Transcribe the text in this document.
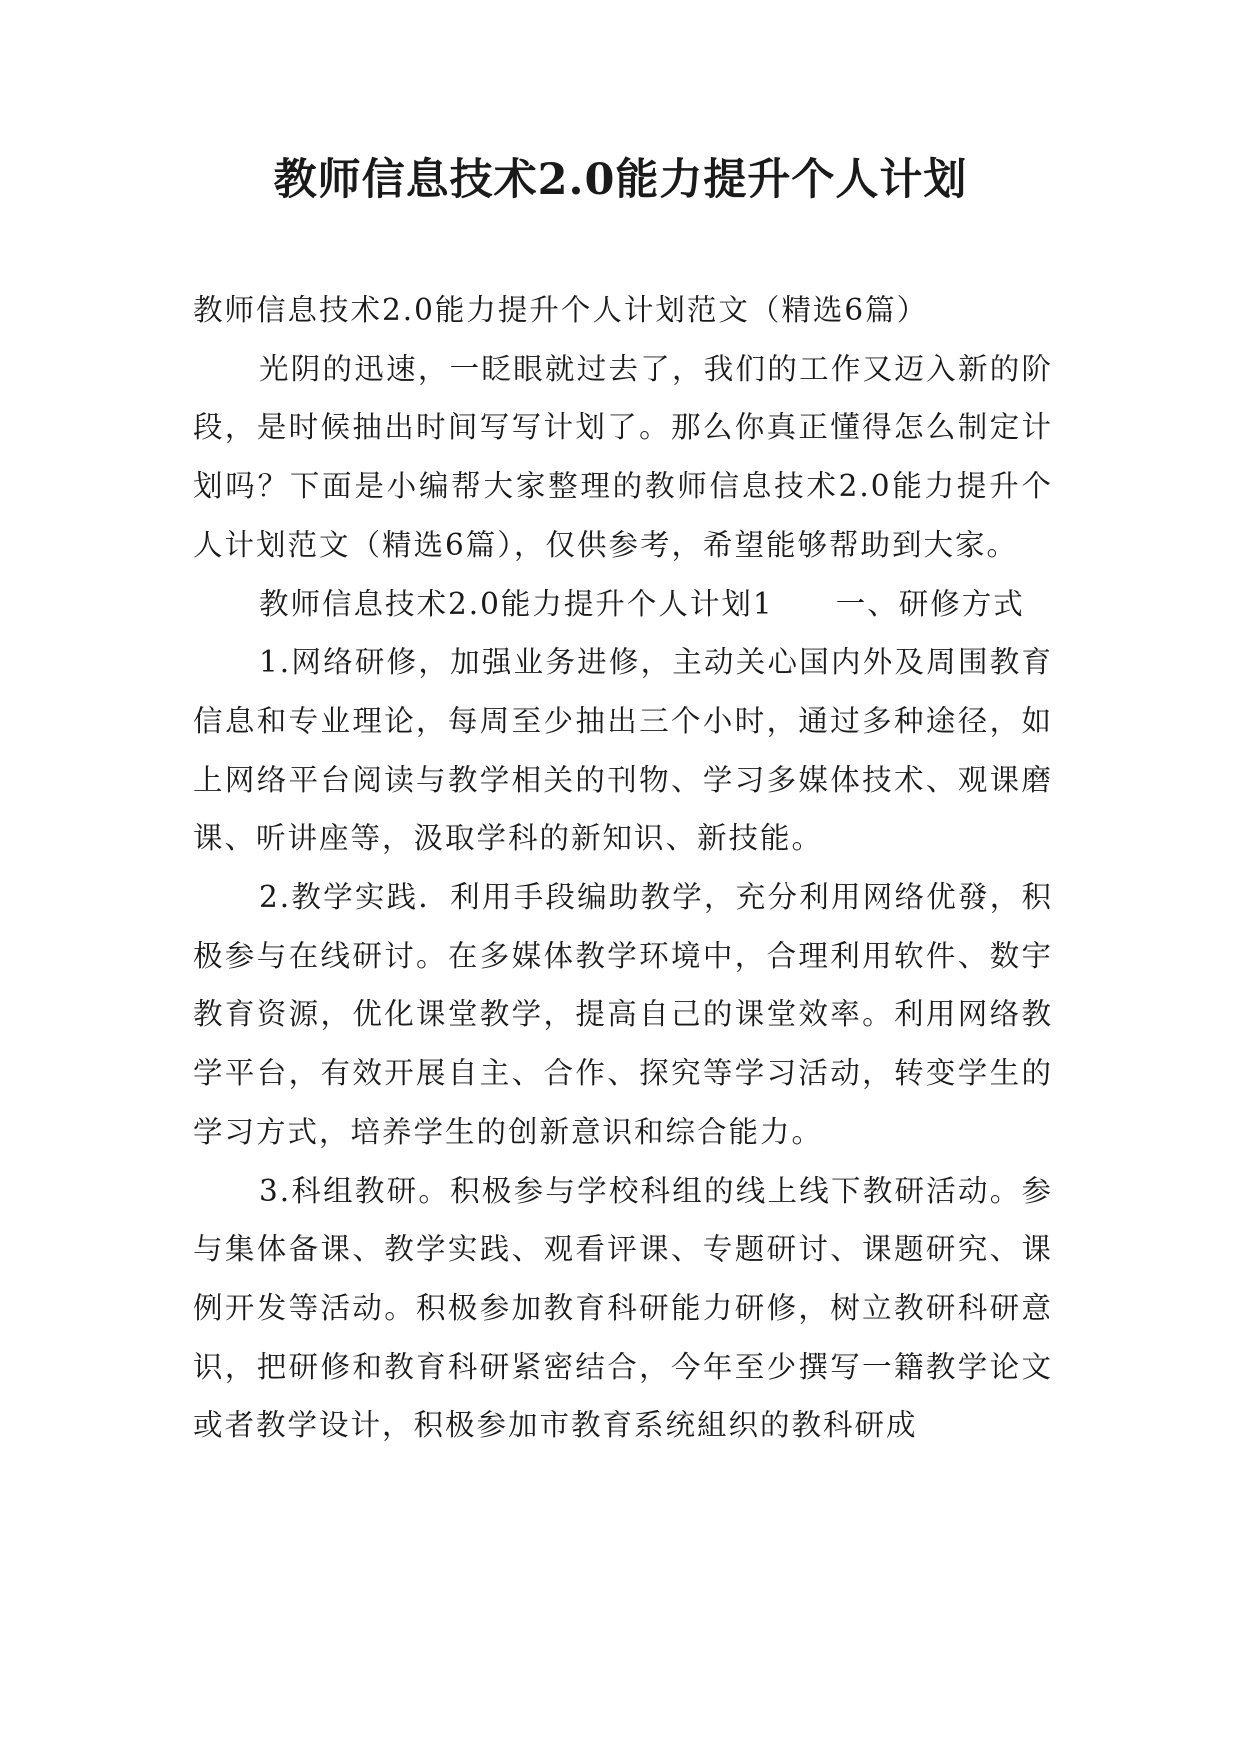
教师信息技术2.0能力提升个人计划

教师信息技术2.0能力提升个人计划范文（精选6篇）

光阴的迅速，一眨眼就过去了，我们的工作又迈入新的阶段，是时候抽出时间写写计划了。那么你真正懂得怎么制定计划吗？下面是小编帮大家整理的教师信息技术2.0能力提升个人计划范文（精选6篇），仅供参考，希望能够帮助到大家。

教师信息技术2.0能力提升个人计划1 一、研修方式

1.网络研修，加强业务进修，主动关心国内外及周围教育信息和专业理论，每周至少抽出三个小时，通过多种途径，如上网络平台阅读与教学相关的刊物、学习多媒体技术、观课磨课、听讲座等，汲取学科的新知识、新技能。

2.教学实践．利用手段编助教学，充分利用网络优發，积极参与在线研讨。在多媒体教学环境中，合理利用软件、数宇教育资源，优化课堂教学，提高自己的课堂效率。利用网络教学平台，有效开展自主、合作、探究等学习活动，转变学生的学习方式，培养学生的创新意识和综合能力。

3.科组教研。积极参与学校科组的线上线下教研活动。参与集体备课、教学实践、观看评课、专题研讨、课题研究、课例开发等活动。积极参加教育科研能力研修，树立教研科研意识，把研修和教育科研紧密结合，今年至少撰写一籍教学论文或者教学设计，积极参加市教育系统組织的教科研成
